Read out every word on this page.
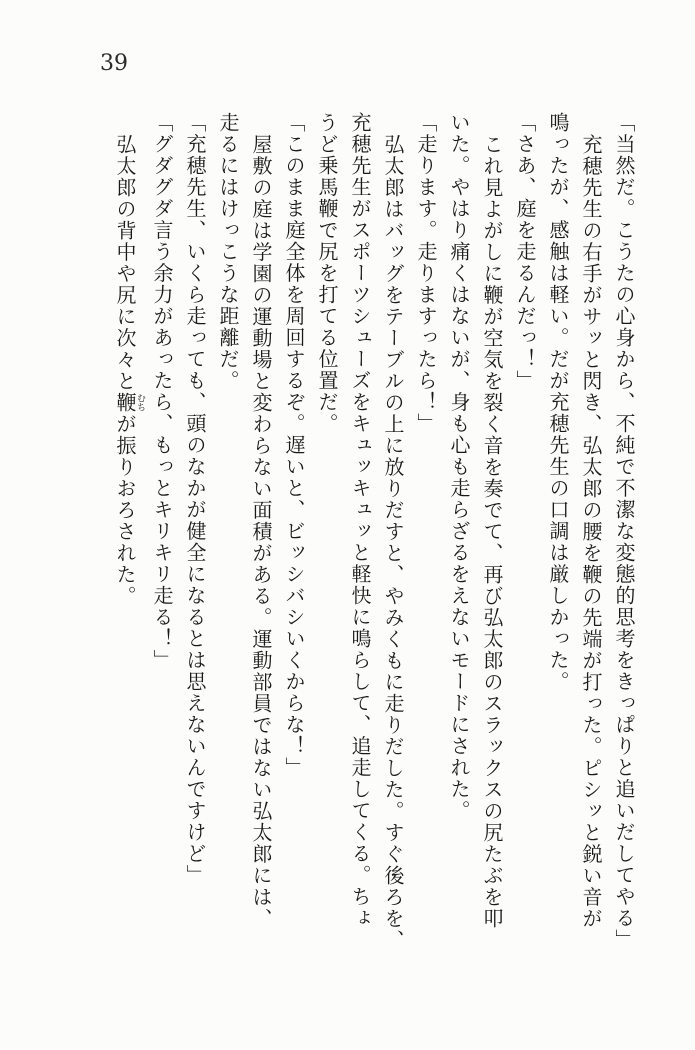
39
「当然だ。こうたの心身から、不純で不潔な変態的思考をきっぱりと追いだしてやる」
充穂先生の右手がサッと閃き、弘太郎の腰を鞭の先端が打った。ピシッと鋭い音が
鳴ったが、感触は軽い。だが充穂先生の口調は厳しかった。
「さあ、庭を走るんだっ！」
これ見よがしに鞭が空気を裂く音を奏でて、再び弘太郎のスラックスの尻たぶを叩
いた。やはり痛くはないが、身も心も走らざるをえないモードにされた。
「走ります。走りますったら！」
弘太郎はバッグをテーブルの上に放りだすと、やみくもに走りだした。すぐ後ろを、
充穂先生がスポーツシューズをキュッキュッと軽快に鳴らして、追走してくる。ちょ
うど乗馬鞭で尻を打てる位置だ。
「このまま庭全体を周回するぞ。遅いと、ビッシバシいくからな！」
屋敷の庭は学園の運動場と変わらない面積がある。運動部員ではない弘太郎には、
走るにはけっこうな距離だ。
「充穂先生、いくら走っても、頭のなかが健全になるとは思えないんですけど」
「グダグダ言う余力があったら、もっとキリキリ走る！」
弘太郎の背中や尻に次々と鞭むちが振りおろされた。
